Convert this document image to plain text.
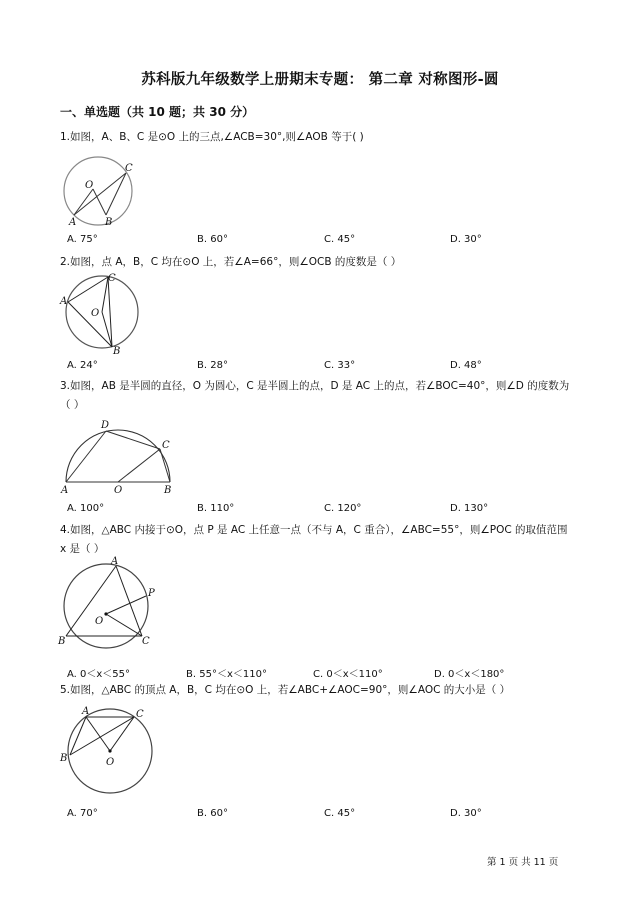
苏科版九年级数学上册期末专题： 第二章 对称图形-圆
一、单选题（共 10 题；共 30 分）
1.如图，A、B、C 是⊙O 上的三点,∠ACB=30°,则∠AOB 等于( )
O
A	B
C
A. 75°	B. 60°	C. 45°	D. 30°
2.如图，点 A，B，C 均在⊙O 上，若∠A=66°，则∠OCB 的度数是（ ）
A
C
O
B
A. 24°	B. 28°	C. 33°	D. 48°
3.如图，AB 是半圆的直径，O 为圆心，C 是半圆上的点，D 是 AC 上的点，若∠BOC=40°，则∠D 的度数为
（ ）
D
C
A	O	B
A. 100°	B. 110°	C. 120°	D. 130°
4.如图，△ABC 内接于⊙O，点 P 是 AC 上任意一点（不与 A，C 重合），∠ABC=55°，则∠POC 的取值范围
x 是（ ）
A
P
O
B	C
A. 0＜x＜55°	B. 55°＜x＜110°	C. 0＜x＜110°	D. 0＜x＜180°
5.如图，△ABC 的顶点 A，B，C 均在⊙O 上，若∠ABC+∠AOC=90°，则∠AOC 的大小是（ ）
A	C
B	O
A. 70°	B. 60°	C. 45°	D. 30°
第 1 页 共 11 页
